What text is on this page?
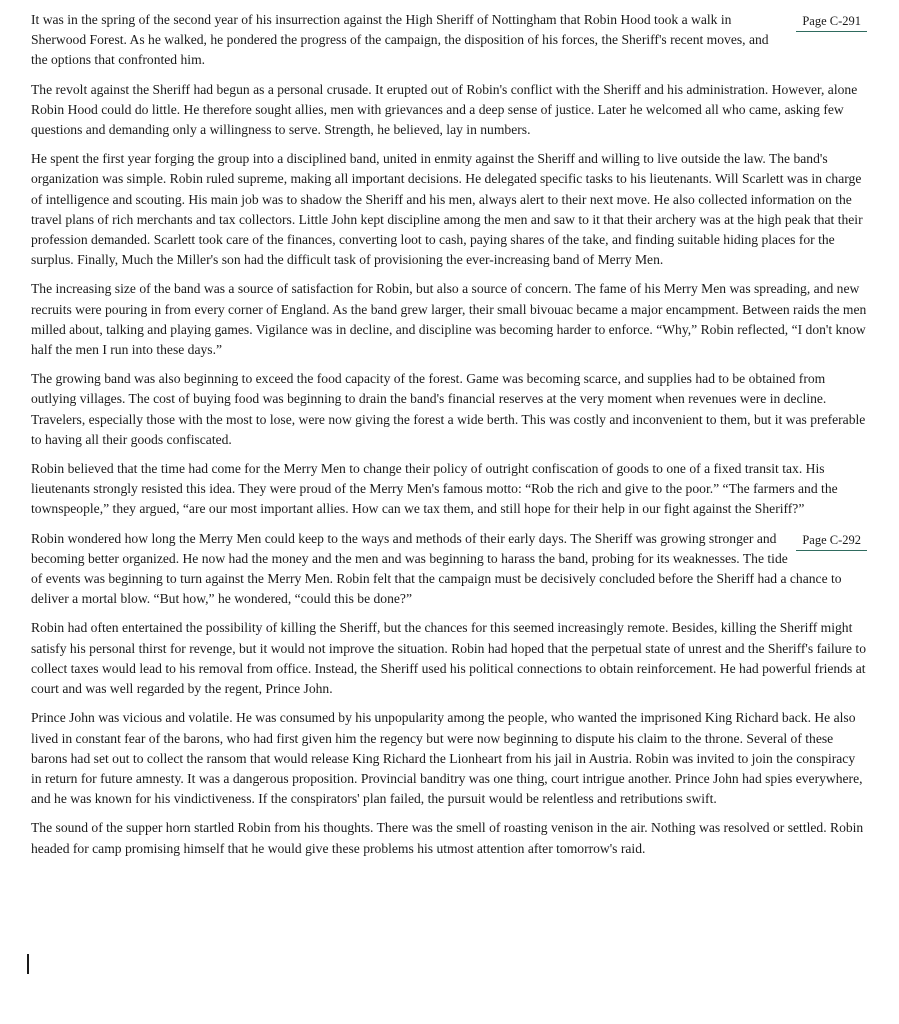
Page C-291
It was in the spring of the second year of his insurrection against the High Sheriff of Nottingham that Robin Hood took a walk in Sherwood Forest. As he walked, he pondered the progress of the campaign, the disposition of his forces, the Sheriff's recent moves, and the options that confronted him.

The revolt against the Sheriff had begun as a personal crusade. It erupted out of Robin's conflict with the Sheriff and his administration. However, alone Robin Hood could do little. He therefore sought allies, men with grievances and a deep sense of justice. Later he welcomed all who came, asking few questions and demanding only a willingness to serve. Strength, he believed, lay in numbers.

He spent the first year forging the group into a disciplined band, united in enmity against the Sheriff and willing to live outside the law. The band's organization was simple. Robin ruled supreme, making all important decisions. He delegated specific tasks to his lieutenants. Will Scarlett was in charge of intelligence and scouting. His main job was to shadow the Sheriff and his men, always alert to their next move. He also collected information on the travel plans of rich merchants and tax collectors. Little John kept discipline among the men and saw to it that their archery was at the high peak that their profession demanded. Scarlett took care of the finances, converting loot to cash, paying shares of the take, and finding suitable hiding places for the surplus. Finally, Much the Miller's son had the difficult task of provisioning the ever-increasing band of Merry Men.

The increasing size of the band was a source of satisfaction for Robin, but also a source of concern. The fame of his Merry Men was spreading, and new recruits were pouring in from every corner of England. As the band grew larger, their small bivouac became a major encampment. Between raids the men milled about, talking and playing games. Vigilance was in decline, and discipline was becoming harder to enforce. “Why,” Robin reflected, “I don't know half the men I run into these days.”

The growing band was also beginning to exceed the food capacity of the forest. Game was becoming scarce, and supplies had to be obtained from outlying villages. The cost of buying food was beginning to drain the band's financial reserves at the very moment when revenues were in decline. Travelers, especially those with the most to lose, were now giving the forest a wide berth. This was costly and inconvenient to them, but it was preferable to having all their goods confiscated.

Robin believed that the time had come for the Merry Men to change their policy of outright confiscation of goods to one of a fixed transit tax. His lieutenants strongly resisted this idea. They were proud of the Merry Men's famous motto: “Rob the rich and give to the poor.” “The farmers and the townspeople,” they argued, “are our most important allies. How can we tax them, and still hope for their help in our fight against the Sheriff?”

Page C-292
Robin wondered how long the Merry Men could keep to the ways and methods of their early days. The Sheriff was growing stronger and becoming better organized. He now had the money and the men and was beginning to harass the band, probing for its weaknesses. The tide of events was beginning to turn against the Merry Men. Robin felt that the campaign must be decisively concluded before the Sheriff had a chance to deliver a mortal blow. “But how,” he wondered, “could this be done?”

Robin had often entertained the possibility of killing the Sheriff, but the chances for this seemed increasingly remote. Besides, killing the Sheriff might satisfy his personal thirst for revenge, but it would not improve the situation. Robin had hoped that the perpetual state of unrest and the Sheriff's failure to collect taxes would lead to his removal from office. Instead, the Sheriff used his political connections to obtain reinforcement. He had powerful friends at court and was well regarded by the regent, Prince John.

Prince John was vicious and volatile. He was consumed by his unpopularity among the people, who wanted the imprisoned King Richard back. He also lived in constant fear of the barons, who had first given him the regency but were now beginning to dispute his claim to the throne. Several of these barons had set out to collect the ransom that would release King Richard the Lionheart from his jail in Austria. Robin was invited to join the conspiracy in return for future amnesty. It was a dangerous proposition. Provincial banditry was one thing, court intrigue another. Prince John had spies everywhere, and he was known for his vindictiveness. If the conspirators' plan failed, the pursuit would be relentless and retributions swift.

The sound of the supper horn startled Robin from his thoughts. There was the smell of roasting venison in the air. Nothing was resolved or settled. Robin headed for camp promising himself that he would give these problems his utmost attention after tomorrow's raid.
